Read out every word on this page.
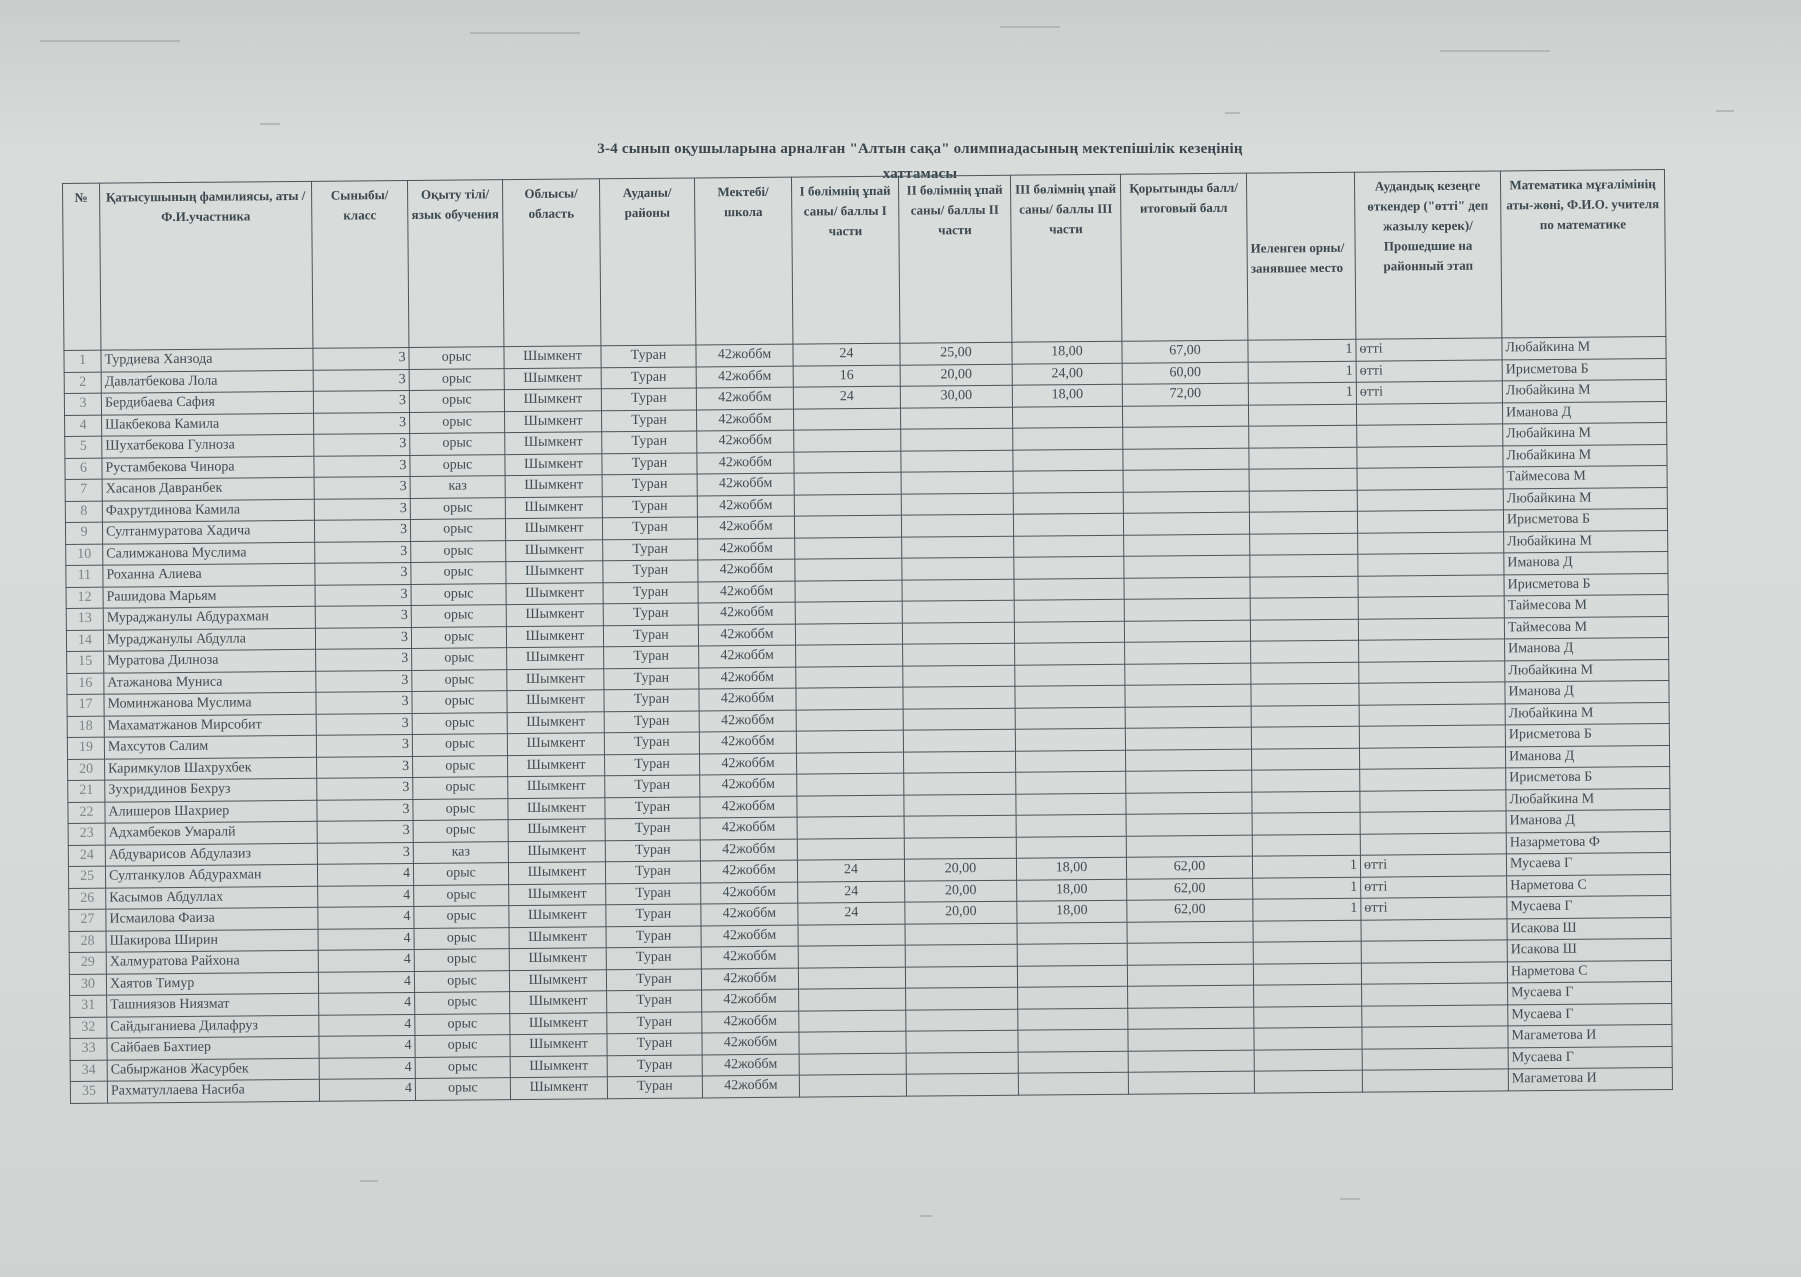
3-4 сынып оқушыларына арналған "Алтын сақа" олимпиадасының мектепішілік кезеңінің
хаттамасы
№	Қатысушының фамилиясы, аты /Ф.И.участника	Сыныбы/класс	Оқыту тілі/ язык обучения	Облысы/ область	Ауданы/ районы	Мектебі/ школа	І бөлімнің ұпай саны/ баллы І части	ІІ бөлімнің ұпай саны/ баллы ІІ части	ІІІ бөлімнің ұпай саны/ баллы ІІІ части	Қорытынды балл/ итоговый балл	Иеленген орны/ занявшее место	Аудандық кезеңге өткендер ("өтті" деп жазылу керек)/ Прошедшие на районный этап	Математика мұғалімінің аты-жөні, Ф.И.О. учителя по математике
1	Турдиева Ханзода	3	орыс	Шымкент	Туран	42жоббм	24	25,00	18,00	67,00	1	өтті	Любайкина М
2	Давлатбекова Лола	3	орыс	Шымкент	Туран	42жоббм	16	20,00	24,00	60,00	1	өтті	Ирисметова Б
3	Бердибаева Сафия	3	орыс	Шымкент	Туран	42жоббм	24	30,00	18,00	72,00	1	өтті	Любайкина М
4	Шакбекова Камила	3	орыс	Шымкент	Туран	42жоббм							Иманова Д
5	Шухатбекова Гулноза	3	орыс	Шымкент	Туран	42жоббм							Любайкина М
6	Рустамбекова Чинора	3	орыс	Шымкент	Туран	42жоббм							Любайкина М
7	Хасанов Давранбек	3	каз	Шымкент	Туран	42жоббм							Таймесова М
8	Фахрутдинова Камила	3	орыс	Шымкент	Туран	42жоббм							Любайкина М
9	Султанмуратова Хадича	3	орыс	Шымкент	Туран	42жоббм							Ирисметова Б
10	Салимжанова Муслима	3	орыс	Шымкент	Туран	42жоббм							Любайкина М
11	Роханна Алиева	3	орыс	Шымкент	Туран	42жоббм							Иманова Д
12	Рашидова Марьям	3	орыс	Шымкент	Туран	42жоббм							Ирисметова Б
13	Мураджанулы Абдурахман	3	орыс	Шымкент	Туран	42жоббм							Таймесова М
14	Мураджанулы Абдулла	3	орыс	Шымкент	Туран	42жоббм							Таймесова М
15	Муратова Дилноза	3	орыс	Шымкент	Туран	42жоббм							Иманова Д
16	Атажанова Муниса	3	орыс	Шымкент	Туран	42жоббм							Любайкина М
17	Моминжанова Муслима	3	орыс	Шымкент	Туран	42жоббм							Иманова Д
18	Махаматжанов Мирсобит	3	орыс	Шымкент	Туран	42жоббм							Любайкина М
19	Махсутов Салим	3	орыс	Шымкент	Туран	42жоббм							Ирисметова Б
20	Каримкулов Шахрухбек	3	орыс	Шымкент	Туран	42жоббм							Иманова Д
21	Зухриддинов Бехруз	3	орыс	Шымкент	Туран	42жоббм							Ирисметова Б
22	Алишеров Шахриер	3	орыс	Шымкент	Туран	42жоббм							Любайкина М
23	Адхамбеков Умаралй	3	орыс	Шымкент	Туран	42жоббм							Иманова Д
24	Абдуварисов Абдулазиз	3	каз	Шымкент	Туран	42жоббм							Назарметова Ф
25	Султанкулов Абдурахман	4	орыс	Шымкент	Туран	42жоббм	24	20,00	18,00	62,00	1	өтті	Мусаева Г
26	Касымов Абдуллах	4	орыс	Шымкент	Туран	42жоббм	24	20,00	18,00	62,00	1	өтті	Нарметова С
27	Исмаилова Фаиза	4	орыс	Шымкент	Туран	42жоббм	24	20,00	18,00	62,00	1	өтті	Мусаева Г
28	Шакирова Ширин	4	орыс	Шымкент	Туран	42жоббм							Исакова Ш
29	Халмуратова Райхона	4	орыс	Шымкент	Туран	42жоббм							Исакова Ш
30	Хаятов Тимур	4	орыс	Шымкент	Туран	42жоббм							Нарметова С
31	Ташниязов Ниязмат	4	орыс	Шымкент	Туран	42жоббм							Мусаева Г
32	Сайдыганиева Дилафруз	4	орыс	Шымкент	Туран	42жоббм							Мусаева Г
33	Сайбаев Бахтиер	4	орыс	Шымкент	Туран	42жоббм							Магаметова И
34	Сабыржанов Жасурбек	4	орыс	Шымкент	Туран	42жоббм							Мусаева Г
35	Рахматуллаева Насиба	4	орыс	Шымкент	Туран	42жоббм							Магаметова И
